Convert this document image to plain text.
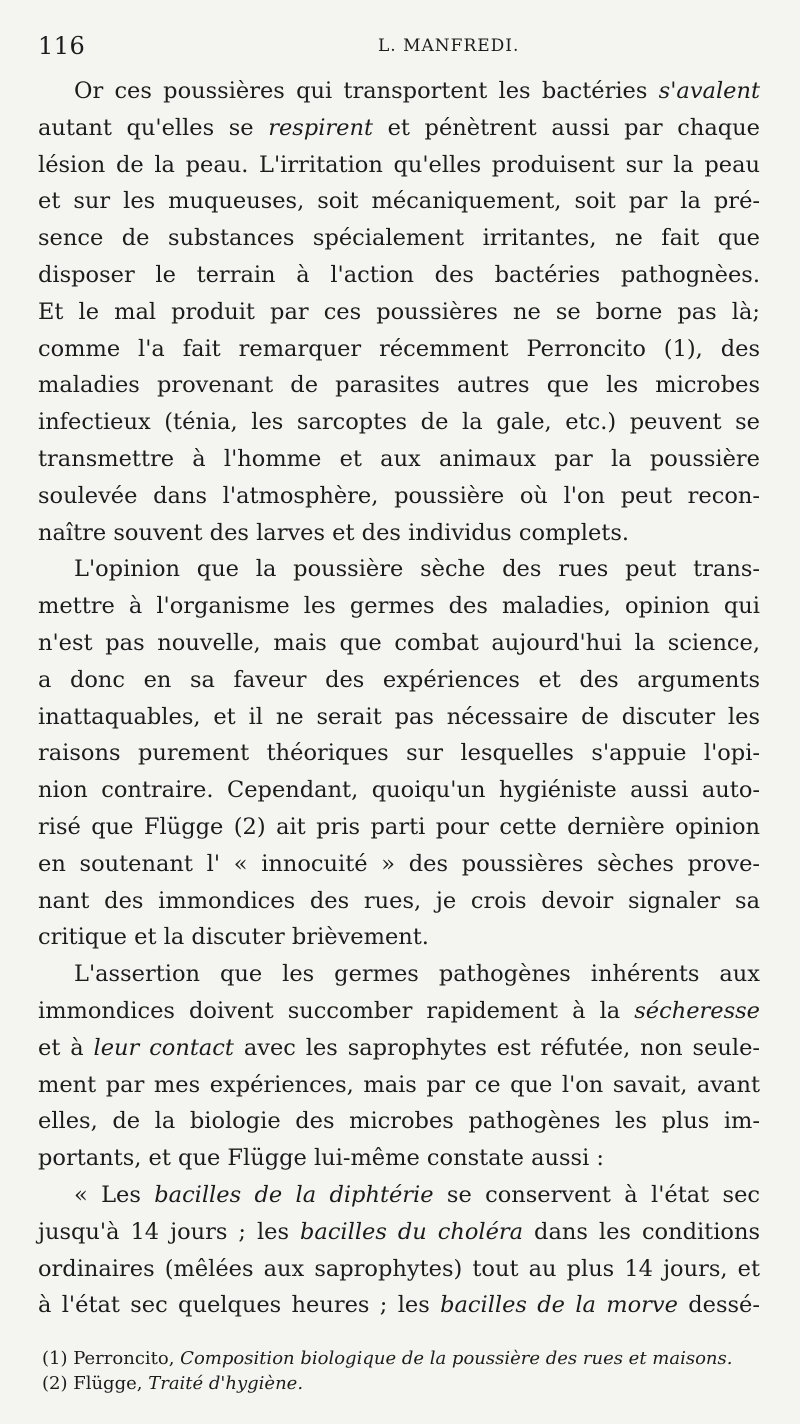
116	L. MANFREDI.
Or ces poussières qui transportent les bactéries s'avalent
autant qu'elles se respirent et pénètrent aussi par chaque
lésion de la peau. L'irritation qu'elles produisent sur la peau
et sur les muqueuses, soit mécaniquement, soit par la pré-
sence de substances spécialement irritantes, ne fait que
disposer le terrain à l'action des bactéries pathognèes.
Et le mal produit par ces poussières ne se borne pas là;
comme l'a fait remarquer récemment Perroncito (1), des
maladies provenant de parasites autres que les microbes
infectieux (ténia, les sarcoptes de la gale, etc.) peuvent se
transmettre à l'homme et aux animaux par la poussière
soulevée dans l'atmosphère, poussière où l'on peut recon-
naître souvent des larves et des individus complets.
L'opinion que la poussière sèche des rues peut trans-
mettre à l'organisme les germes des maladies, opinion qui
n'est pas nouvelle, mais que combat aujourd'hui la science,
a donc en sa faveur des expériences et des arguments
inattaquables, et il ne serait pas nécessaire de discuter les
raisons purement théoriques sur lesquelles s'appuie l'opi-
nion contraire. Cependant, quoiqu'un hygiéniste aussi auto-
risé que Flügge (2) ait pris parti pour cette dernière opinion
en soutenant l' « innocuité » des poussières sèches prove-
nant des immondices des rues, je crois devoir signaler sa
critique et la discuter brièvement.
L'assertion que les germes pathogènes inhérents aux
immondices doivent succomber rapidement à la sécheresse
et à leur contact avec les saprophytes est réfutée, non seule-
ment par mes expériences, mais par ce que l'on savait, avant
elles, de la biologie des microbes pathogènes les plus im-
portants, et que Flügge lui-même constate aussi :
« Les bacilles de la diphtérie se conservent à l'état sec
jusqu'à 14 jours ; les bacilles du choléra dans les conditions
ordinaires (mêlées aux saprophytes) tout au plus 14 jours, et
à l'état sec quelques heures ; les bacilles de la morve dessé-
(1) Perroncito, Composition biologique de la poussière des rues et maisons.
(2) Flügge, Traité d'hygiène.
